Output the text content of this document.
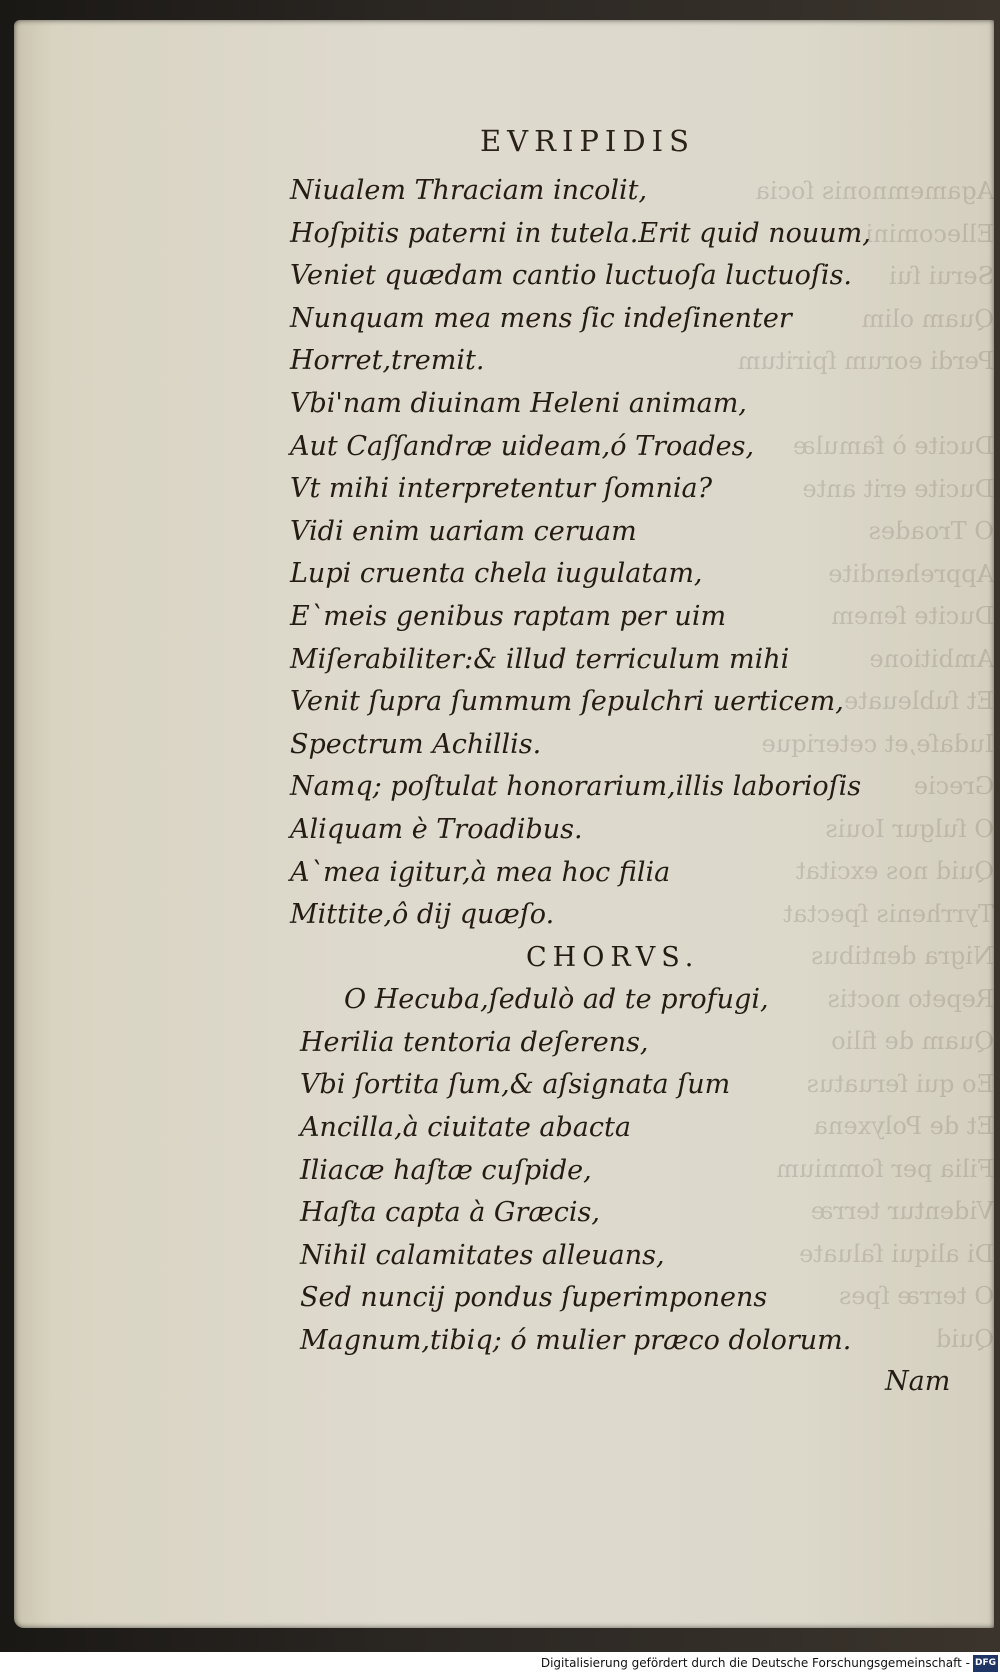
Agamemnonis ſocia
Ellecomini
Serui ſui
Quam olim
Perdi eorum ſpiritum

Ducite ò famulæ
Ducite erit ante
O Troades
Apprehendite
Ducite ſenem
Ambitione
Et ſubleuate
Iudaſe,et ceterique
Grecie
O ſulgur Iouis
Quid nos excitat
Tyrrhenis ſpectat
Nigra dentibus
Repeto noctis
Quam de filio
Eo qui ſeruatus
Et de Polyxena
Filia per ſomnium
Videntur terræ
Di aliqui ſaluate
O terræ ſpes
Quid
EVRIPIDIS
Niualem Thraciam incolit,
Hoſpitis paterni in tutela.Erit quid nouum,
Veniet quædam cantio luctuoſa luctuoſis.
Nunquam mea mens ſic indeſinenter
Horret,tremit.
Vbi'nam diuinam Heleni animam,
Aut Caſſandræ uideam,ó Troades,
Vt mihi interpretentur ſomnia?
Vidi enim uariam ceruam
Lupi cruenta chela iugulatam,
E`meis genibus raptam per uim
Miſerabiliter:& illud terriculum mihi
Venit ſupra ſummum ſepulchri uerticem,
Spectrum Achillis.
Namq; poſtulat honorarium,illis laborioſis
Aliquam è Troadibus.
A`mea igitur,à mea hoc filia
Mittite,ô dij quæſo.
CHORVS.
O Hecuba,ſedulò ad te profugi,
Herilia tentoria deſerens,
Vbi ſortita ſum,& aſsignata ſum
Ancilla,à ciuitate abacta
Iliacæ haſtæ cuſpide,
Haſta capta à Græcis,
Nihil calamitates alleuans,
Sed nuncij pondus ſuperimponens
Magnum,tibiq; ó mulier præco dolorum.
Nam
Digitalisierung gefördert durch die Deutsche Forschungsgemeinschaft - DFG
